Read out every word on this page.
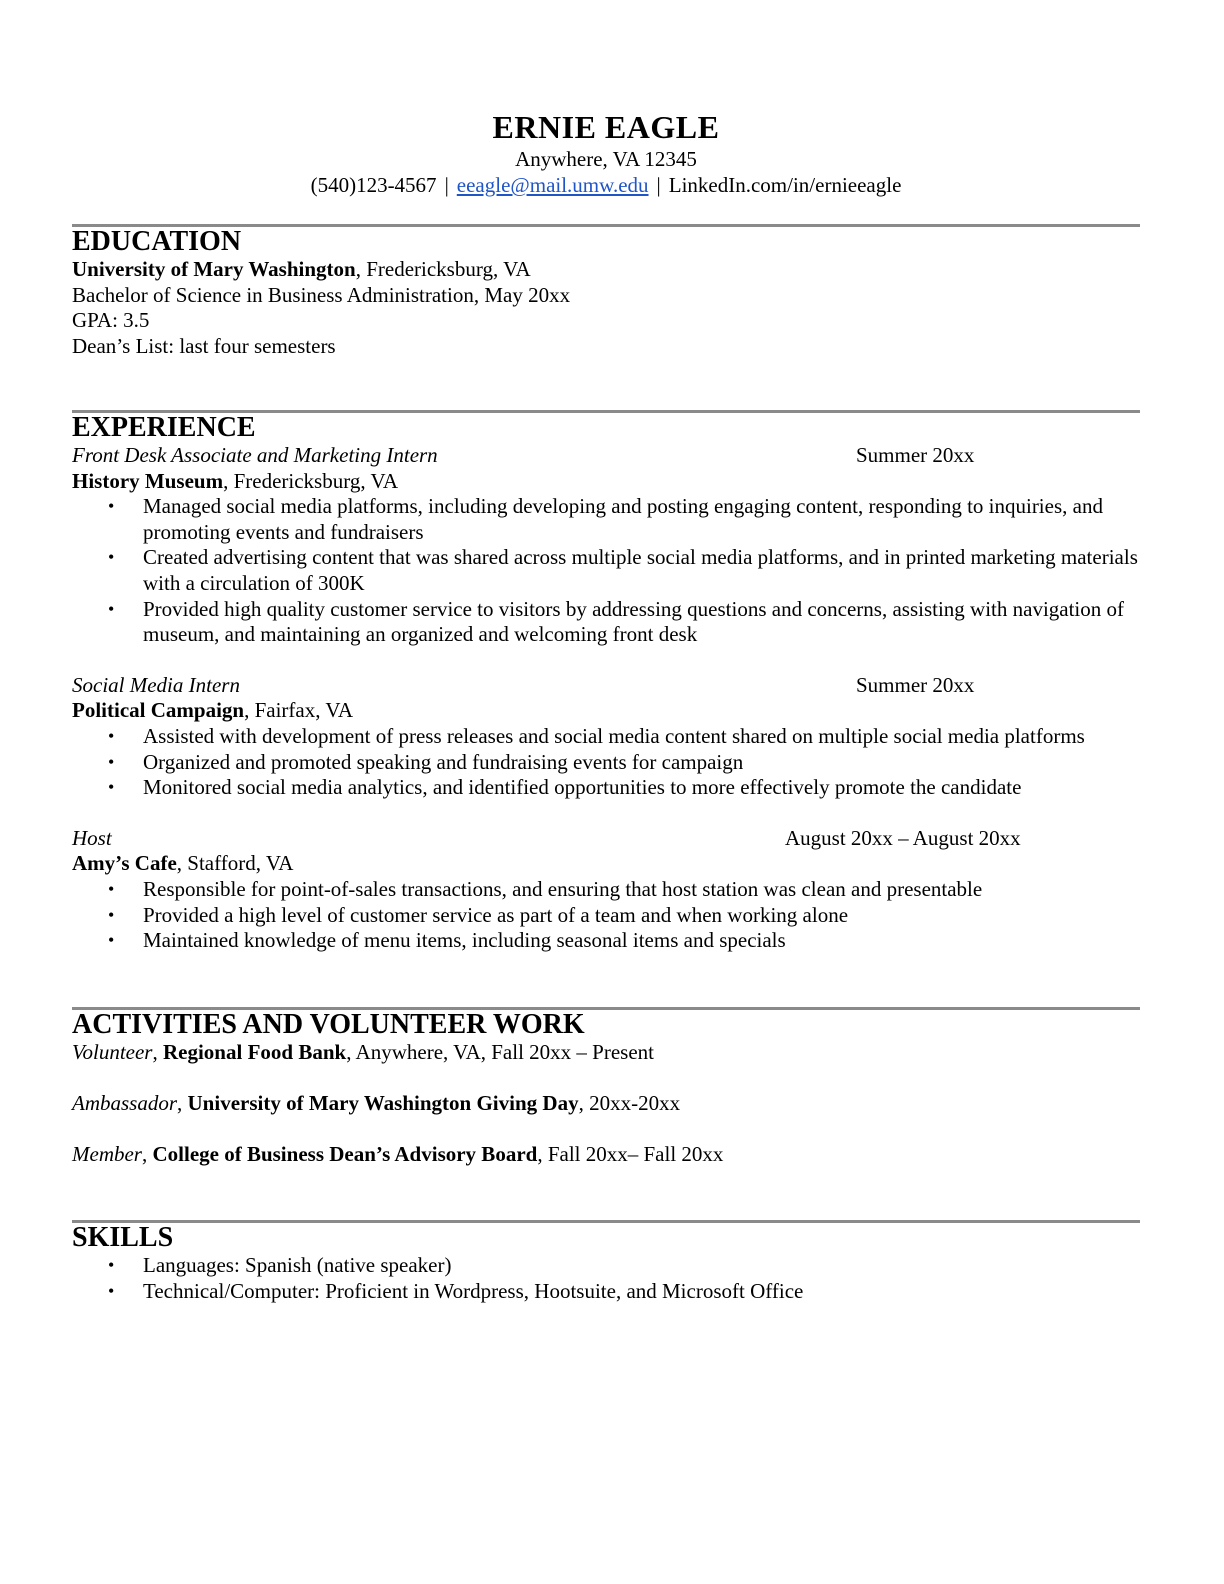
ERNIE EAGLE
Anywhere, VA 12345
(540)123-4567 | eeagle@mail.umw.edu | LinkedIn.com/in/ernieeagle
EDUCATION
University of Mary Washington, Fredericksburg, VA
Bachelor of Science in Business Administration, May 20xx
GPA: 3.5
Dean’s List: last four semesters
EXPERIENCE
Front Desk Associate and Marketing Intern	Summer 20xx
History Museum, Fredericksburg, VA
• Managed social media platforms, including developing and posting engaging content, responding to inquiries, and promoting events and fundraisers
• Created advertising content that was shared across multiple social media platforms, and in printed marketing materials with a circulation of 300K
• Provided high quality customer service to visitors by addressing questions and concerns, assisting with navigation of museum, and maintaining an organized and welcoming front desk
Social Media Intern	Summer 20xx
Political Campaign, Fairfax, VA
• Assisted with development of press releases and social media content shared on multiple social media platforms
• Organized and promoted speaking and fundraising events for campaign
• Monitored social media analytics, and identified opportunities to more effectively promote the candidate
Host	August 20xx – August 20xx
Amy’s Cafe, Stafford, VA
• Responsible for point-of-sales transactions, and ensuring that host station was clean and presentable
• Provided a high level of customer service as part of a team and when working alone
• Maintained knowledge of menu items, including seasonal items and specials
ACTIVITIES AND VOLUNTEER WORK
Volunteer, Regional Food Bank, Anywhere, VA, Fall 20xx – Present
Ambassador, University of Mary Washington Giving Day, 20xx-20xx
Member, College of Business Dean’s Advisory Board, Fall 20xx– Fall 20xx
SKILLS
• Languages: Spanish (native speaker)
• Technical/Computer: Proficient in Wordpress, Hootsuite, and Microsoft Office
